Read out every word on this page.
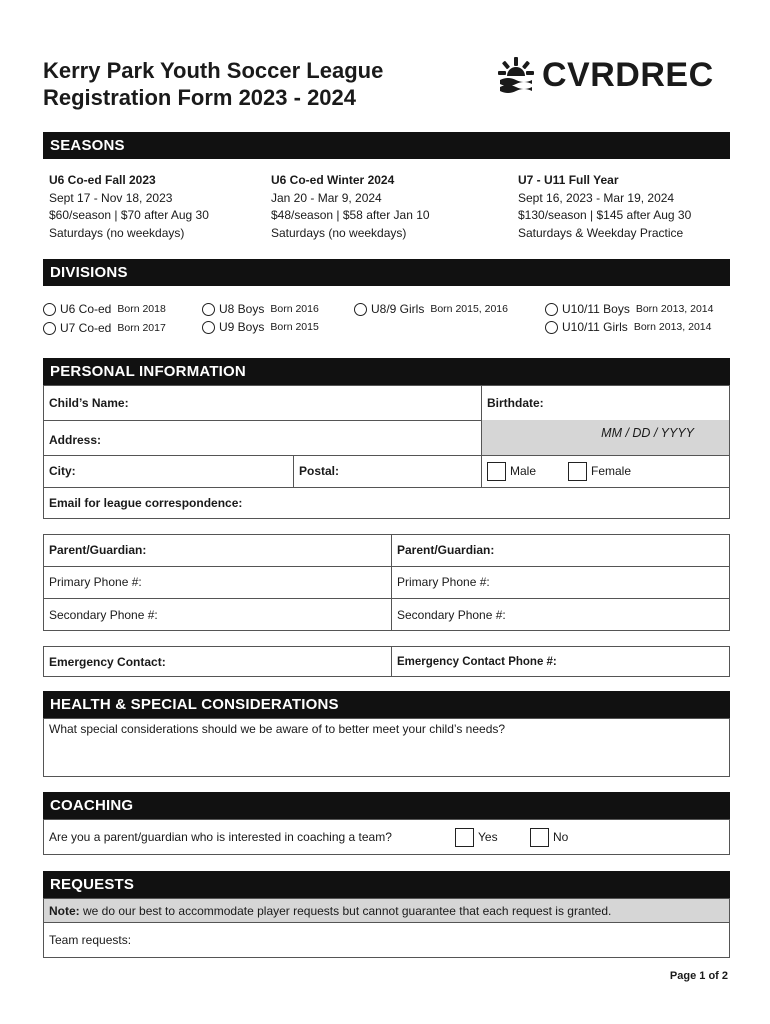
Kerry Park Youth Soccer League
Registration Form 2023 - 2024
CVRDREC
SEASONS
U6 Co-ed Fall 2023
Sept 17 - Nov 18, 2023
$60/season | $70 after Aug 30
Saturdays (no weekdays)
U6 Co-ed Winter 2024
Jan 20 - Mar 9, 2024
$48/season | $58 after Jan 10
Saturdays (no weekdays)
U7 - U11 Full Year
Sept 16, 2023 - Mar 19, 2024
$130/season | $145 after Aug 30
Saturdays & Weekday Practice
DIVISIONS
U6 Co-ed Born 2018
U7 Co-ed Born 2017
U8 Boys Born 2016
U9 Boys Born 2015
U8/9 Girls Born 2015, 2016	U10/11 Boys Born 2013, 2014
U10/11 Girls Born 2013, 2014
PERSONAL INFORMATION
Child’s Name:	Birthdate:
MM / DD / YYYY
Address:
City:	Postal:	Male	Female
Email for league correspondence:
Parent/Guardian:	Parent/Guardian:
Primary Phone #:	Primary Phone #:
Secondary Phone #:	Secondary Phone #:
Emergency Contact:	Emergency Contact Phone #:
HEALTH & SPECIAL CONSIDERATIONS
What special considerations should we be aware of to better meet your child’s needs?
COACHING
Are you a parent/guardian who is interested in coaching a team?	Yes	No
REQUESTS
Note: we do our best to accommodate player requests but cannot guarantee that each request is granted.
Team requests:
Page 1 of 2
